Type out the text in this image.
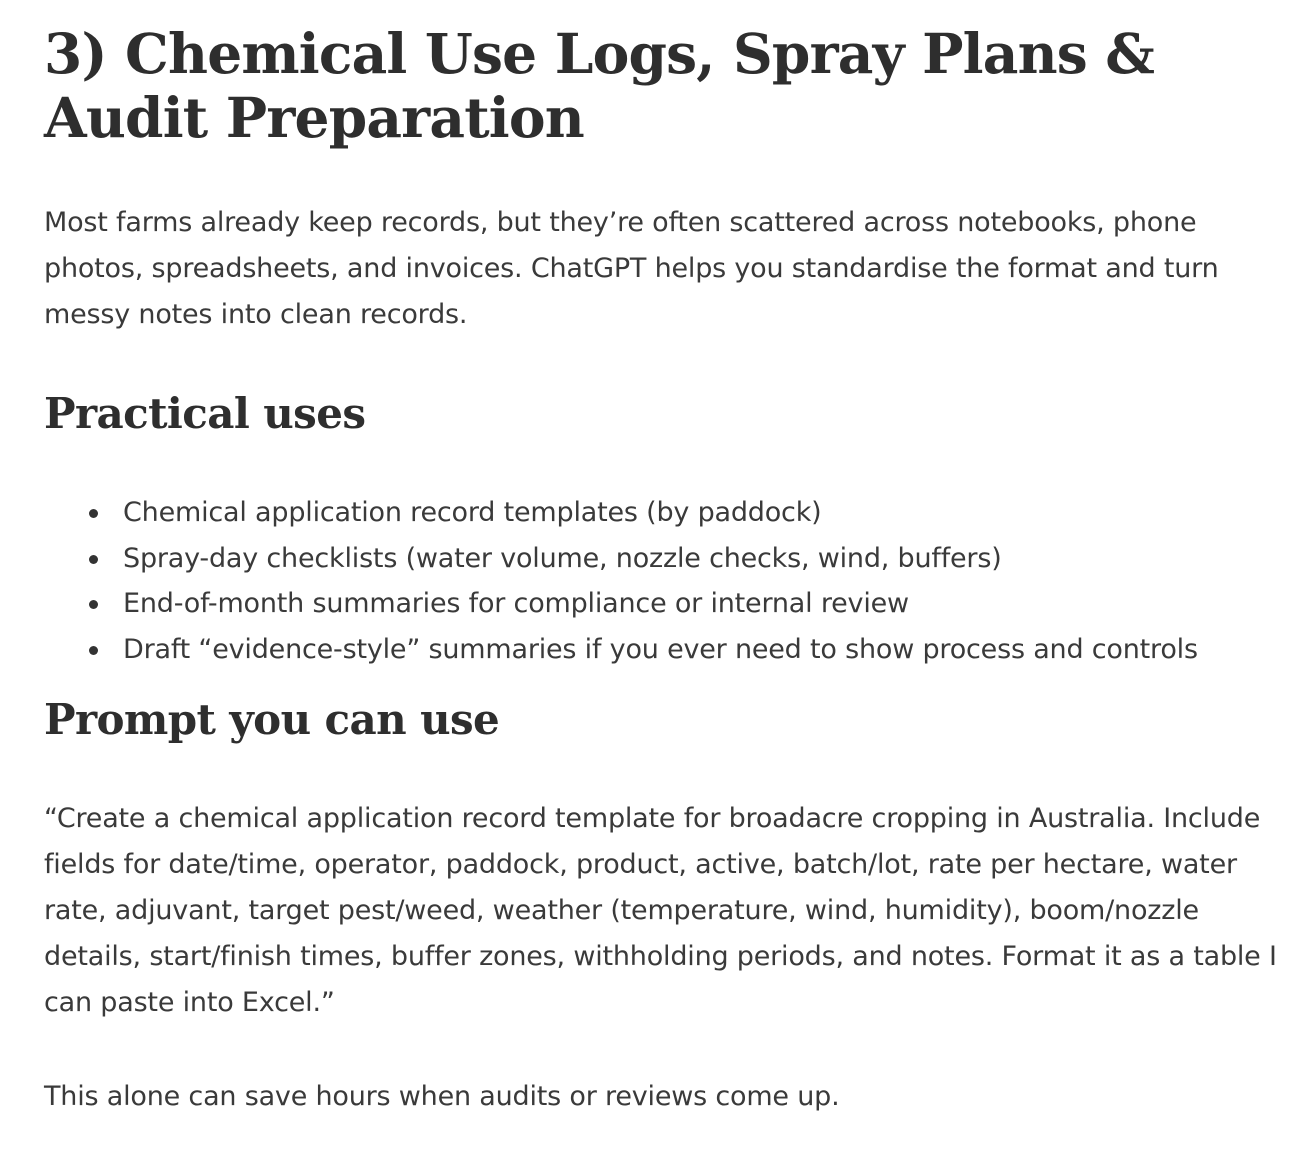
3) Chemical Use Logs, Spray Plans & Audit Preparation

Most farms already keep records, but they’re often scattered across notebooks, phone photos, spreadsheets, and invoices. ChatGPT helps you standardise the format and turn messy notes into clean records.

Practical uses
Chemical application record templates (by paddock)
Spray-day checklists (water volume, nozzle checks, wind, buffers)
End-of-month summaries for compliance or internal review
Draft “evidence-style” summaries if you ever need to show process and controls
Prompt you can use

“Create a chemical application record template for broadacre cropping in Australia. Include fields for date/time, operator, paddock, product, active, batch/lot, rate per hectare, water rate, adjuvant, target pest/weed, weather (temperature, wind, humidity), boom/nozzle details, start/finish times, buffer zones, withholding periods, and notes. Format it as a table I can paste into Excel.”

This alone can save hours when audits or reviews come up.
